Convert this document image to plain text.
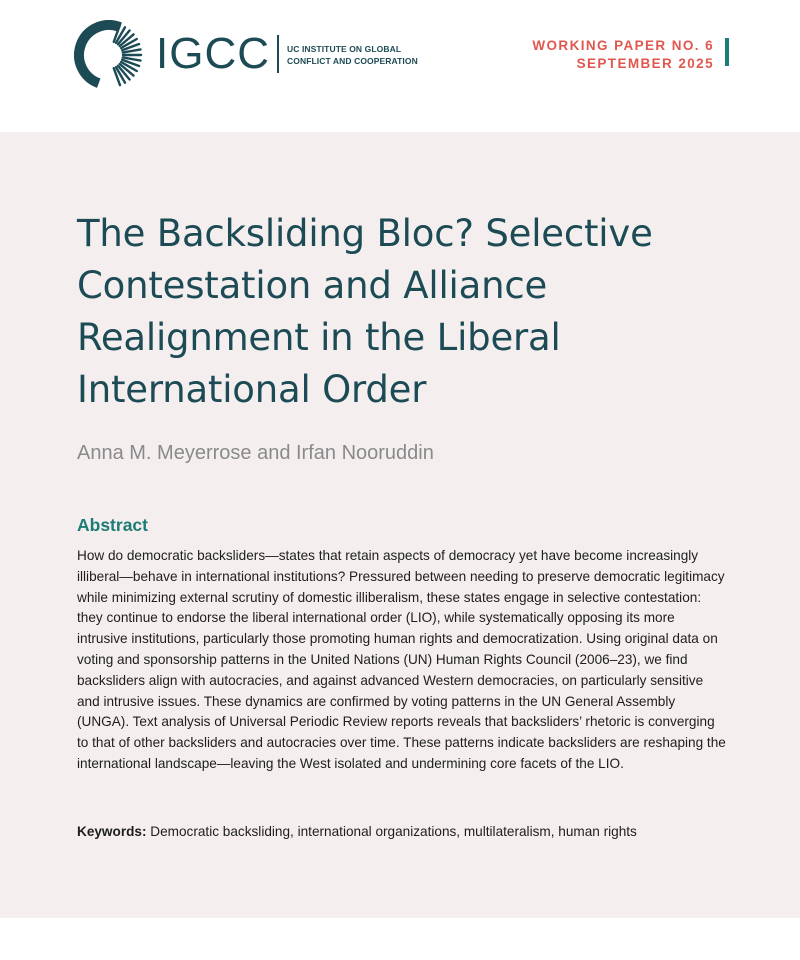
IGCC UC INSTITUTE ON GLOBAL
CONFLICT AND COOPERATION
WORKING PAPER NO. 6
SEPTEMBER 2025
The Backsliding Bloc? Selective Contestation and Alliance Realignment in the Liberal International Order
Anna M. Meyerrose and Irfan Nooruddin
Abstract

How do democratic backsliders—states that retain aspects of democracy yet have become increasingly illiberal—behave in international institutions? Pressured between needing to preserve democratic legitimacy while minimizing external scrutiny of domestic illiberalism, these states engage in selective contestation: they continue to endorse the liberal international order (LIO), while systematically opposing its more intrusive institutions, particularly those promoting human rights and democratization. Using original data on voting and sponsorship patterns in the United Nations (UN) Human Rights Council (2006–23), we find backsliders align with autocracies, and against advanced Western democracies, on particularly sensitive and intrusive issues. These dynamics are confirmed by voting patterns in the UN General Assembly (UNGA). Text analysis of Universal Periodic Review reports reveals that backsliders’ rhetoric is converging to that of other backsliders and autocracies over time. These patterns indicate backsliders are reshaping the international landscape—leaving the West isolated and undermining core facets of the LIO.

Keywords: Democratic backsliding, international organizations, multilateralism, human rights
